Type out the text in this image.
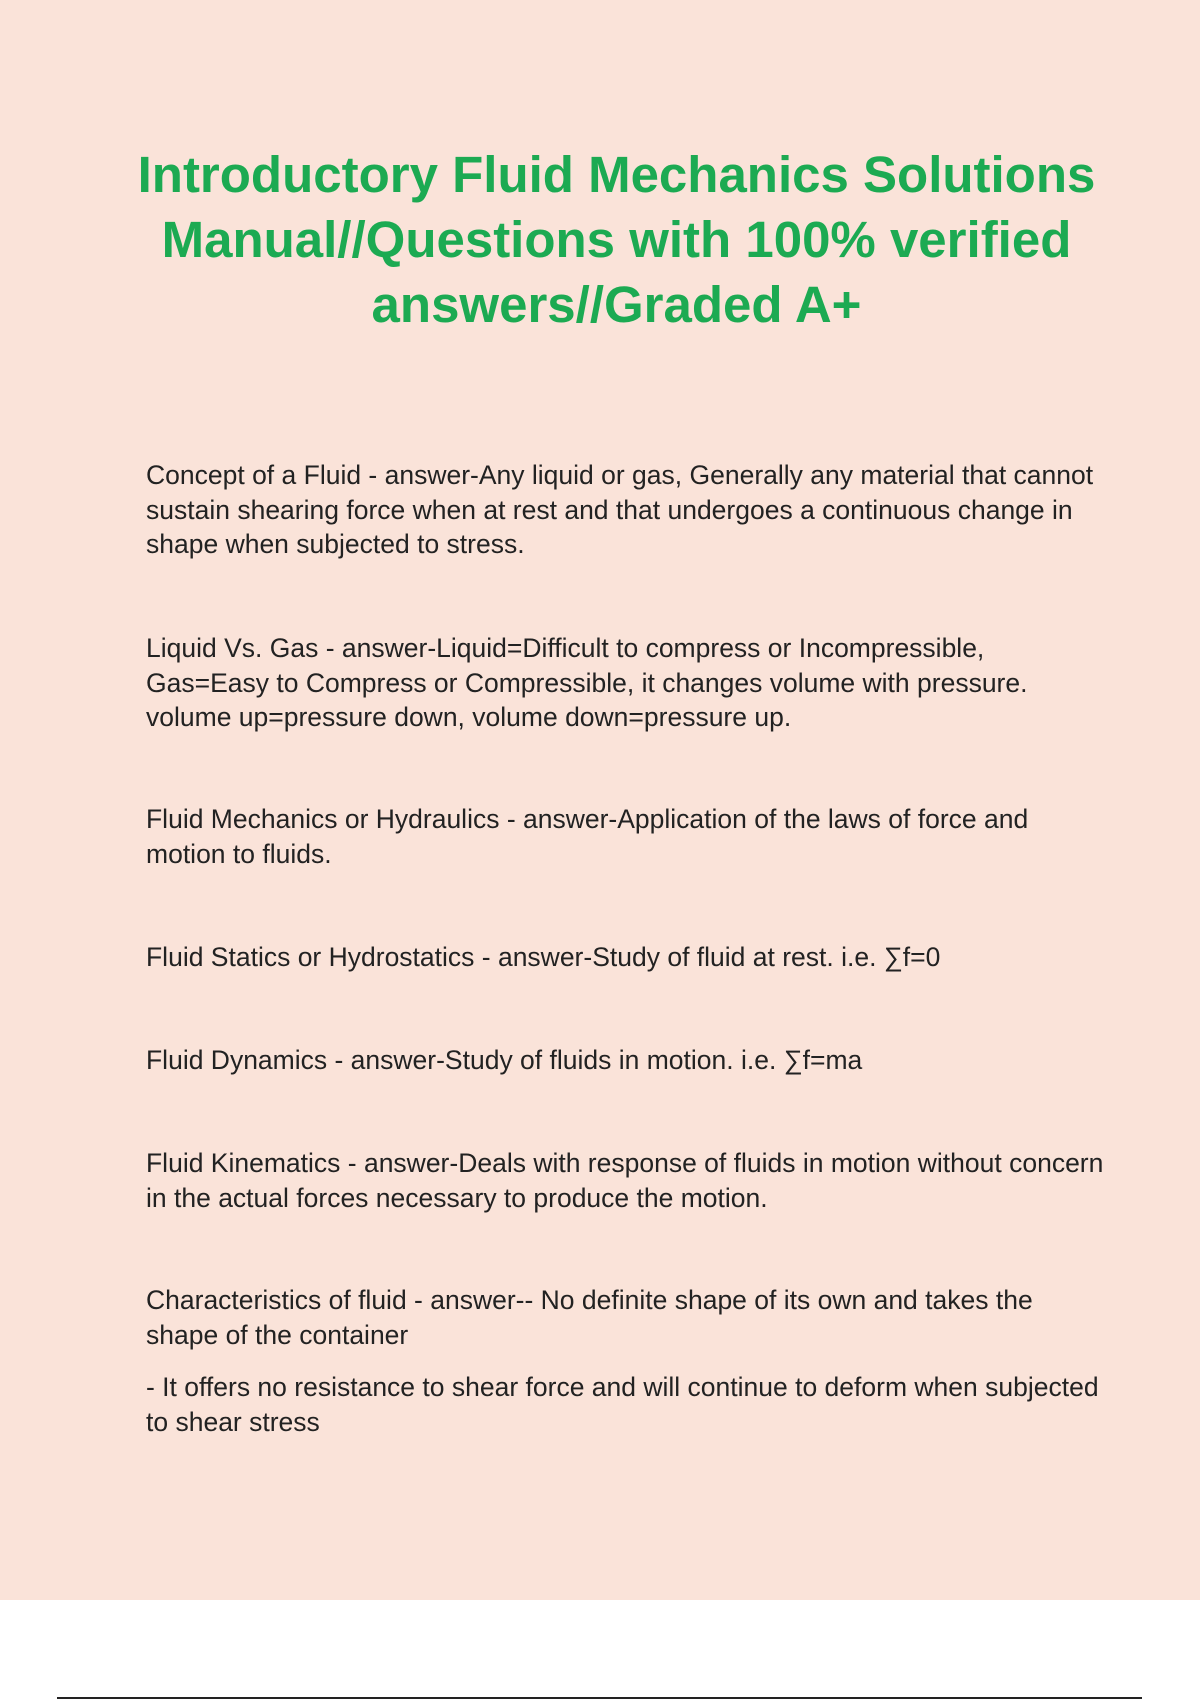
Introductory Fluid Mechanics Solutions Manual//Questions with 100% verified answers//Graded A+

Concept of a Fluid - answer-Any liquid or gas, Generally any material that cannot sustain shearing force when at rest and that undergoes a continuous change in shape when subjected to stress.

Liquid Vs. Gas - answer-Liquid=Difficult to compress or Incompressible, Gas=Easy to Compress or Compressible, it changes volume with pressure. volume up=pressure down, volume down=pressure up.

Fluid Mechanics or Hydraulics - answer-Application of the laws of force and motion to fluids.

Fluid Statics or Hydrostatics - answer-Study of fluid at rest. i.e. ∑f=0

Fluid Dynamics - answer-Study of fluids in motion. i.e. ∑f=ma

Fluid Kinematics - answer-Deals with response of fluids in motion without concern in the actual forces necessary to produce the motion.

Characteristics of fluid - answer-- No definite shape of its own and takes the shape of the container

- It offers no resistance to shear force and will continue to deform when subjected to shear stress
